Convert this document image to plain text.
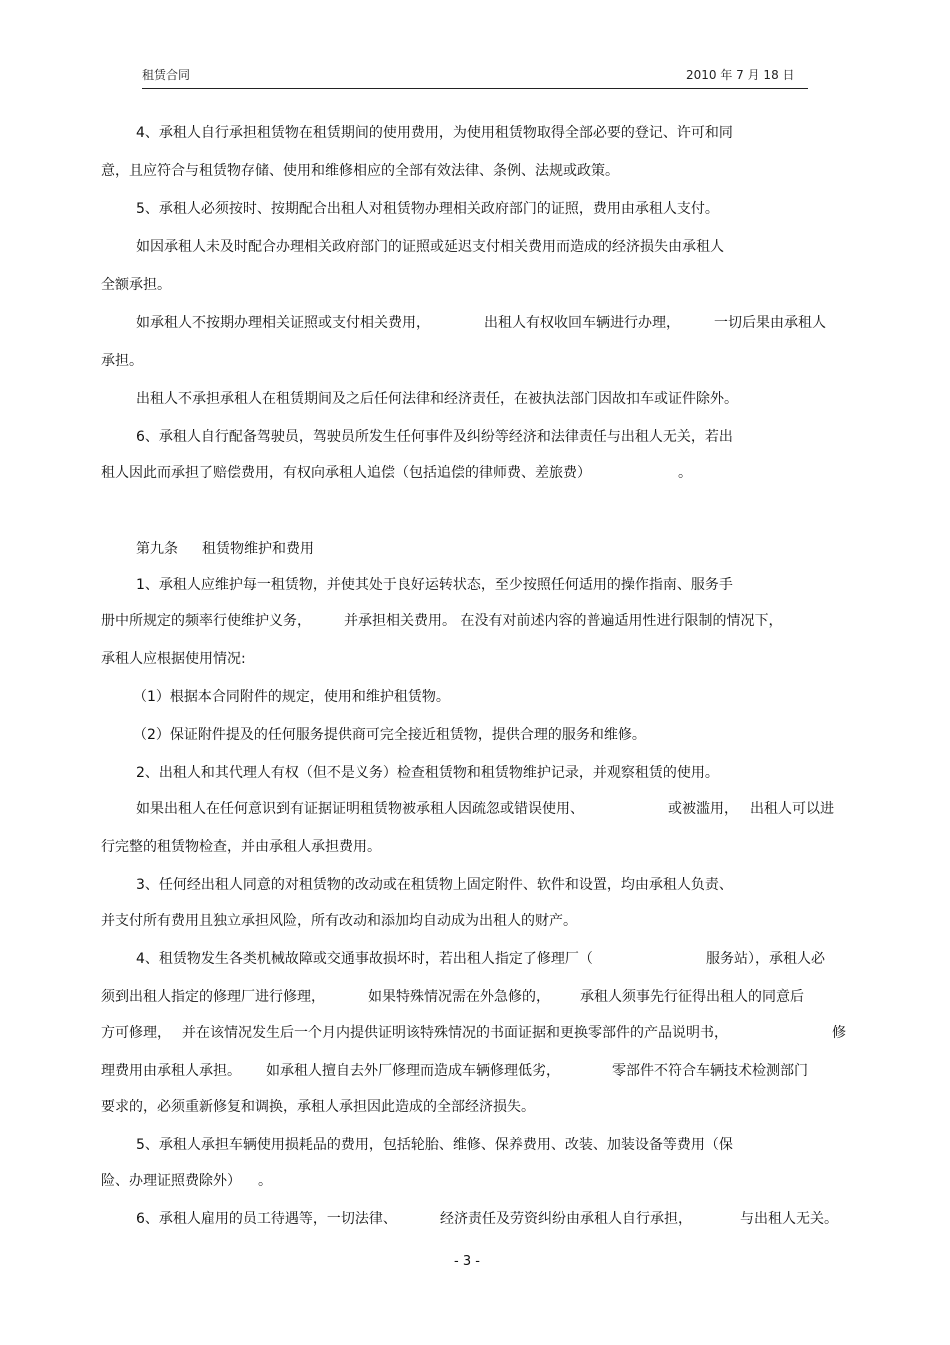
租赁合同	2010 年 7 月 18 日
4、承租人自行承担租赁物在租赁期间的使用费用，为使用租赁物取得全部必要的登记、许可和同
意，且应符合与租赁物存储、使用和维修相应的全部有效法律、条例、法规或政策。
5、承租人必须按时、按期配合出租人对租赁物办理相关政府部门的证照，费用由承租人支付。
如因承租人未及时配合办理相关政府部门的证照或延迟支付相关费用而造成的经济损失由承租人
全额承担。
如承租人不按期办理相关证照或支付相关费用，	出租人有权收回车辆进行办理， 一切后果由承租人
承担。
出租人不承担承租人在租赁期间及之后任何法律和经济责任，在被执法部门因故扣车或证件除外。
6、承租人自行配备驾驶员，驾驶员所发生任何事件及纠纷等经济和法律责任与出租人无关，若出
租人因此而承担了赔偿费用，有权向承租人追偿（包括追偿的律师费、差旅费）	。
第九条 租赁物维护和费用
1、承租人应维护每一租赁物，并使其处于良好运转状态，至少按照任何适用的操作指南、服务手
册中所规定的频率行使维护义务， 并承担相关费用。 在没有对前述内容的普遍适用性进行限制的情况下，
承租人应根据使用情况:
（1）根据本合同附件的规定，使用和维护租赁物。
（2）保证附件提及的任何服务提供商可完全接近租赁物，提供合理的服务和维修。
2、出租人和其代理人有权（但不是义务）检查租赁物和租赁物维护记录，并观察租赁的使用。
如果出租人在任何意识到有证据证明租赁物被承租人因疏忽或错误使用、	或被滥用， 出租人可以进
行完整的租赁物检查，并由承租人承担费用。
3、任何经出租人同意的对租赁物的改动或在租赁物上固定附件、软件和设置，均由承租人负责、
并支付所有费用且独立承担风险，所有改动和添加均自动成为出租人的财产。
4、租赁物发生各类机械故障或交通事故损坏时，若出租人指定了修理厂（	服务站），承租人必
须到出租人指定的修理厂进行修理，	如果特殊情况需在外急修的， 承租人须事先行征得出租人的同意后
方可修理， 并在该情况发生后一个月内提供证明该特殊情况的书面证据和更换零部件的产品说明书，	修
理费用由承租人承担。 如承租人擅自去外厂修理而造成车辆修理低劣，	零部件不符合车辆技术检测部门
要求的，必须重新修复和调换，承租人承担因此造成的全部经济损失。
5、承租人承担车辆使用损耗品的费用，包括轮胎、维修、保养费用、改装、加装设备等费用（保
险、办理证照费除外） 。
6、承租人雇用的员工待遇等，一切法律、	经济责任及劳资纠纷由承租人自行承担，	与出租人无关。
- 3 -
